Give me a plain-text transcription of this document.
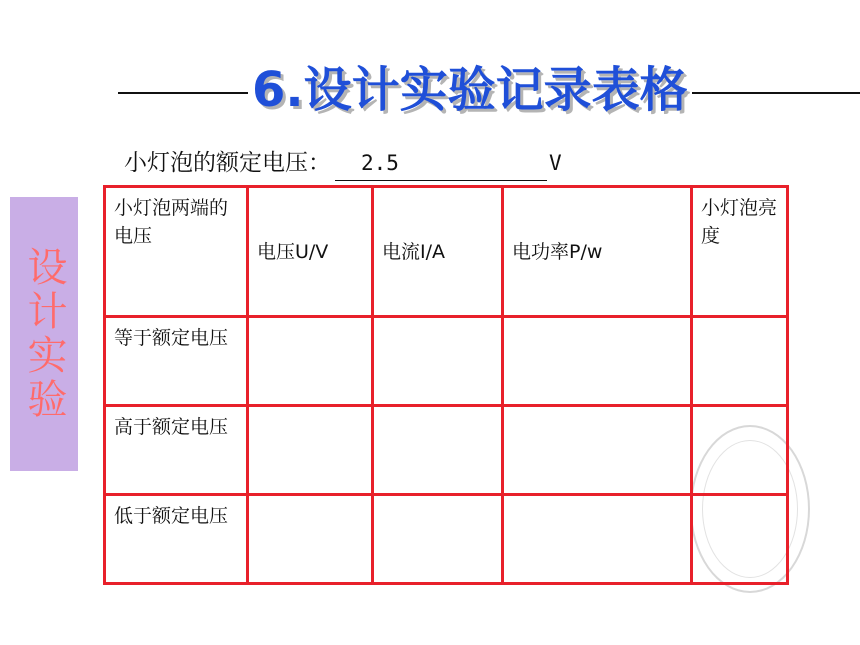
6.设计实验记录表格
设计实验
小灯泡的额定电压： 2.5	V
小灯泡两端的电压	电压U/V	电流I/A	电功率P/w	小灯泡亮度
等于额定电压				
高于额定电压				
低于额定电压				
